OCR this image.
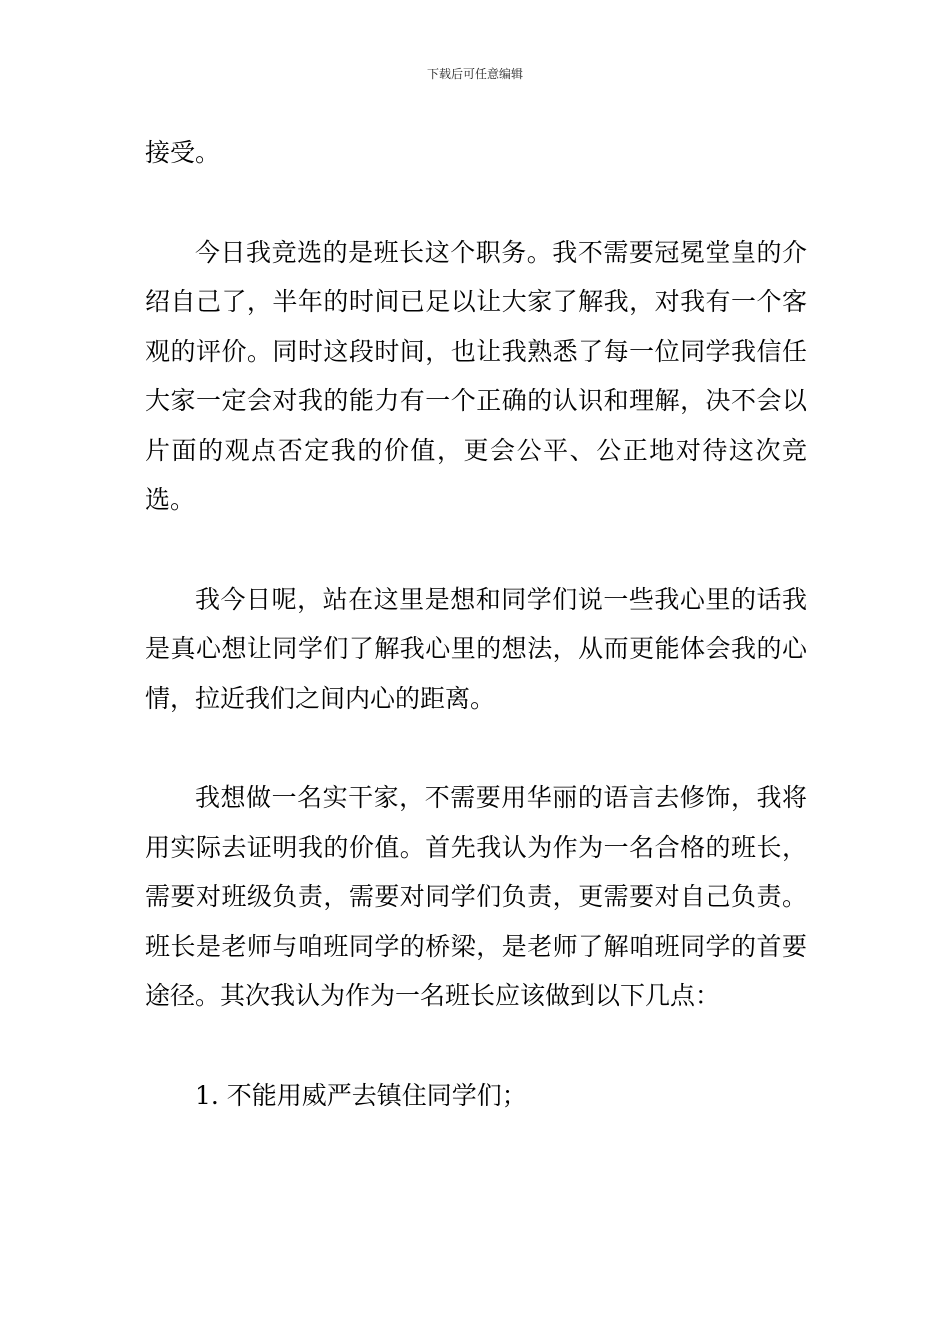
下载后可任意编辑

接受。

今日我竞选的是班长这个职务。我不需要冠冕堂皇的介绍自己了，半年的时间已足以让大家了解我，对我有一个客观的评价。同时这段时间，也让我熟悉了每一位同学我信任大家一定会对我的能力有一个正确的认识和理解，决不会以片面的观点否定我的价值，更会公平、公正地对待这次竞选。

我今日呢，站在这里是想和同学们说一些我心里的话我是真心想让同学们了解我心里的想法，从而更能体会我的心情，拉近我们之间内心的距离。

我想做一名实干家，不需要用华丽的语言去修饰，我将用实际去证明我的价值。首先我认为作为一名合格的班长，需要对班级负责，需要对同学们负责，更需要对自己负责。班长是老师与咱班同学的桥梁，是老师了解咱班同学的首要途径。其次我认为作为一名班长应该做到以下几点：

1. 不能用威严去镇住同学们；
